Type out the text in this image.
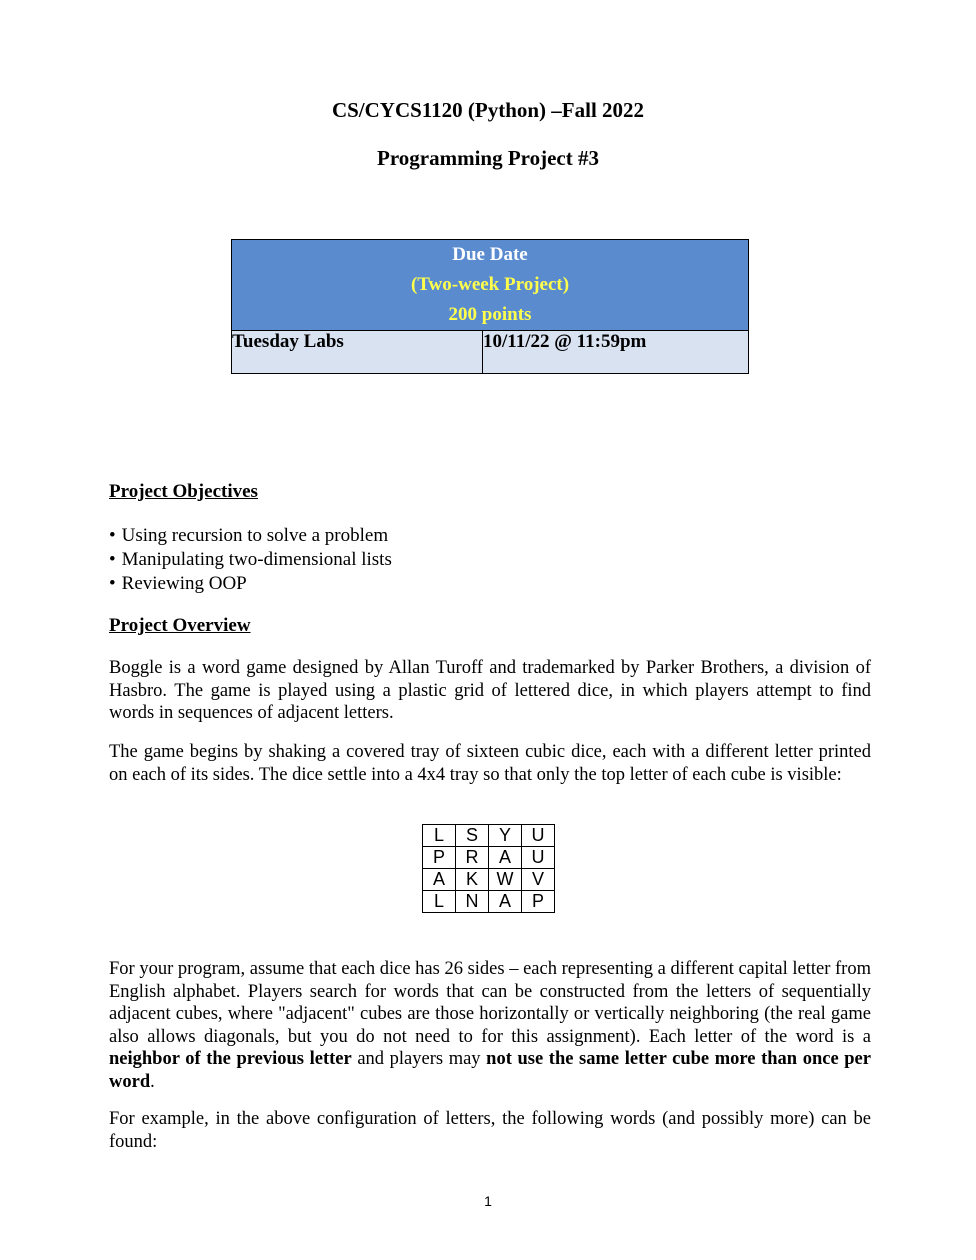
CS/CYCS1120 (Python) –Fall 2022
Programming Project #3
Due Date
(Two-week Project)
200 points

Tuesday Labs	10/11/22 @ 11:59pm
Project Objectives
• Using recursion to solve a problem
• Manipulating two-dimensional lists
• Reviewing OOP
Project Overview

Boggle is a word game designed by Allan Turoff and trademarked by Parker Brothers, a division of Hasbro. The game is played using a plastic grid of lettered dice, in which players attempt to find words in sequences of adjacent letters.

The game begins by shaking a covered tray of sixteen cubic dice, each with a different letter printed on each of its sides. The dice settle into a 4x4 tray so that only the top letter of each cube is visible:

L	S	Y	U
P	R	A	U
A	K	W	V
L	N	A	P

For your program, assume that each dice has 26 sides – each representing a different capital letter from English alphabet. Players search for words that can be constructed from the letters of sequentially adjacent cubes, where "adjacent" cubes are those horizontally or vertically neighboring (the real game also allows diagonals, but you do not need to for this assignment). Each letter of the word is a neighbor of the previous letter and players may not use the same letter cube more than once per word.

For example, in the above configuration of letters, the following words (and possibly more) can be found:

1
